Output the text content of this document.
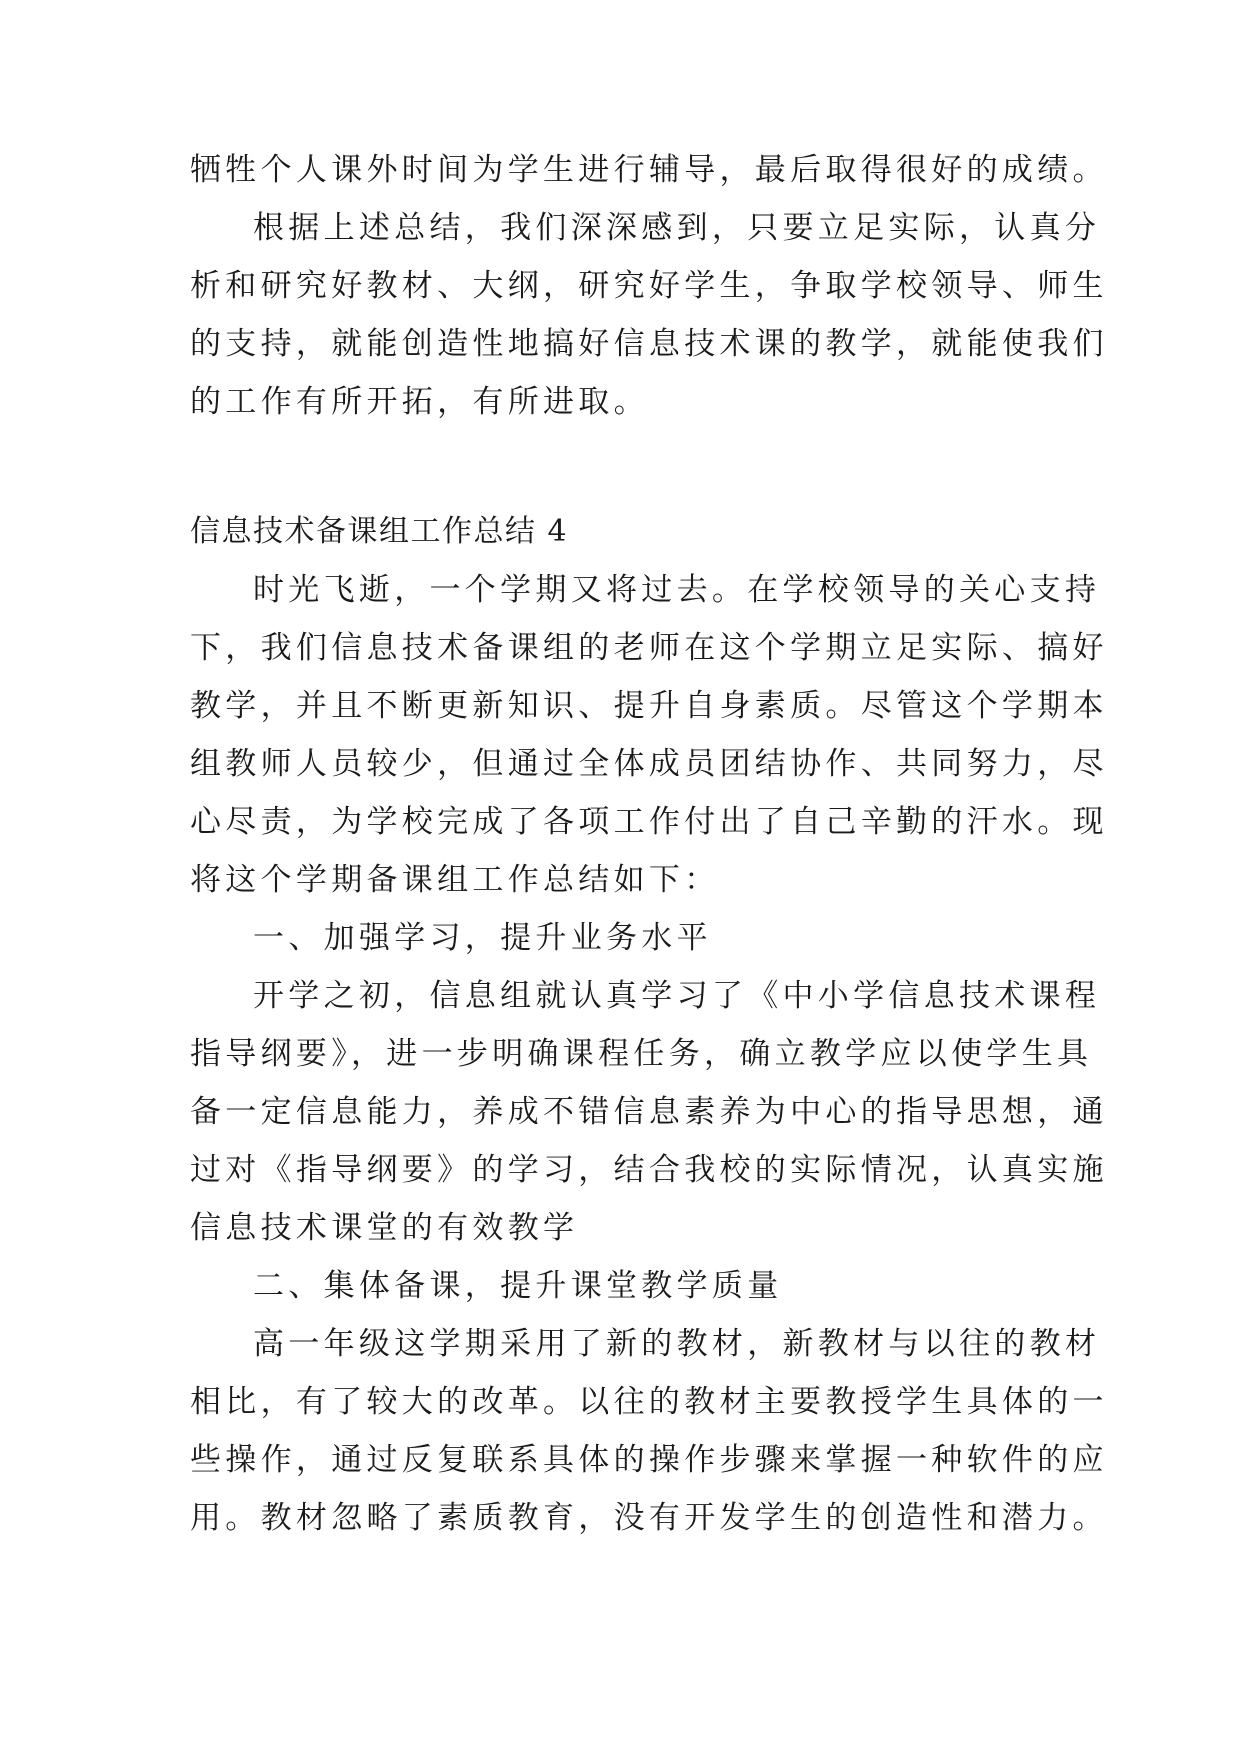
牺牲个人课外时间为学生进行辅导，最后取得很好的成绩。
根据上述总结，我们深深感到，只要立足实际，认真分
析和研究好教材、大纲，研究好学生，争取学校领导、师生
的支持，就能创造性地搞好信息技术课的教学，就能使我们
的工作有所开拓，有所进取。
信息技术备课组工作总结 4
时光飞逝，一个学期又将过去。在学校领导的关心支持
下，我们信息技术备课组的老师在这个学期立足实际、搞好
教学，并且不断更新知识、提升自身素质。尽管这个学期本
组教师人员较少，但通过全体成员团结协作、共同努力，尽
心尽责，为学校完成了各项工作付出了自己辛勤的汗水。现
将这个学期备课组工作总结如下：
一、加强学习，提升业务水平
开学之初，信息组就认真学习了《中小学信息技术课程
指导纲要》，进一步明确课程任务，确立教学应以使学生具
备一定信息能力，养成不错信息素养为中心的指导思想，通
过对《指导纲要》的学习，结合我校的实际情况，认真实施
信息技术课堂的有效教学
二、集体备课，提升课堂教学质量
高一年级这学期采用了新的教材，新教材与以往的教材
相比，有了较大的改革。以往的教材主要教授学生具体的一
些操作，通过反复联系具体的操作步骤来掌握一种软件的应
用。教材忽略了素质教育，没有开发学生的创造性和潜力。
